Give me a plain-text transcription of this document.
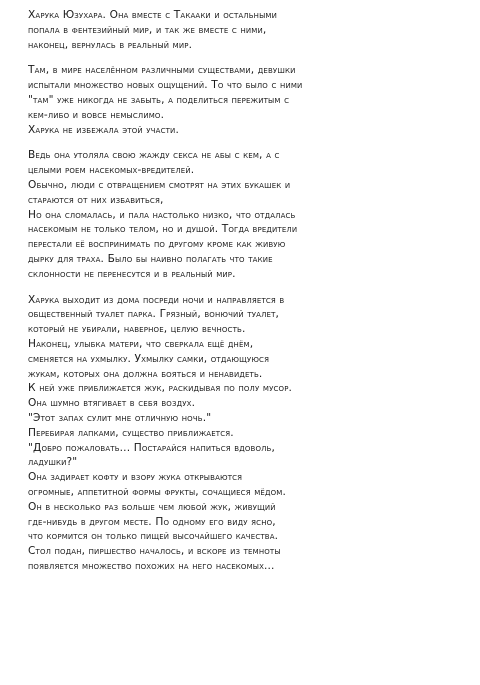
Харука Юзухара. Она вместе с Такааки и остальными
попала в фентезийный мир, и так же вместе с ними,
наконец, вернулась в реальный мир.
Там, в мире населённом различными существами, девушки
испытали множество новых ощущений. То что было с ними
"там" уже никогда не забыть, а поделиться пережитым с
кем-либо и вовсе немыслимо.
Харука не избежала этой участи.
Ведь она утоляла свою жажду секса не абы с кем, а с
целыми роем насекомых-вредителей.
Обычно, люди с отвращением смотрят на этих букашек и
стараются от них избавиться,
Но она сломалась, и пала настолько низко, что отдалась
насекомым не только телом, но и душой. Тогда вредители
перестали её воспринимать по другому кроме как живую
дырку для траха. Было бы наивно полагать что такие
склонности не перенесутся и в реальный мир.
Харука выходит из дома посреди ночи и направляется в
общественный туалет парка. Грязный, вонючий туалет,
который не убирали, наверное, целую вечность.
Наконец, улыбка матери, что сверкала ещё днём,
сменяется на ухмылку. Ухмылку самки, отдающуюся
жукам, которых она должна бояться и ненавидеть.
К ней уже приближается жук, раскидывая по полу мусор.
Она шумно втягивает в себя воздух.
"Этот запах сулит мне отличную ночь."
Перебирая лапками, существо приближается.
"Добро пожаловать... Постарайся напиться вдоволь,
ладушки?"
Она задирает кофту и взору жука открываются
огромные, аппетитной формы фрукты, сочащиеся мёдом.
Он в несколько раз больше чем любой жук, живущий
где-нибудь в другом месте. По одному его виду ясно,
что кормится он только пищей высочайшего качества.
Стол подан, пиршество началось, и вскоре из темноты
появляется множество похожих на него насекомых...
